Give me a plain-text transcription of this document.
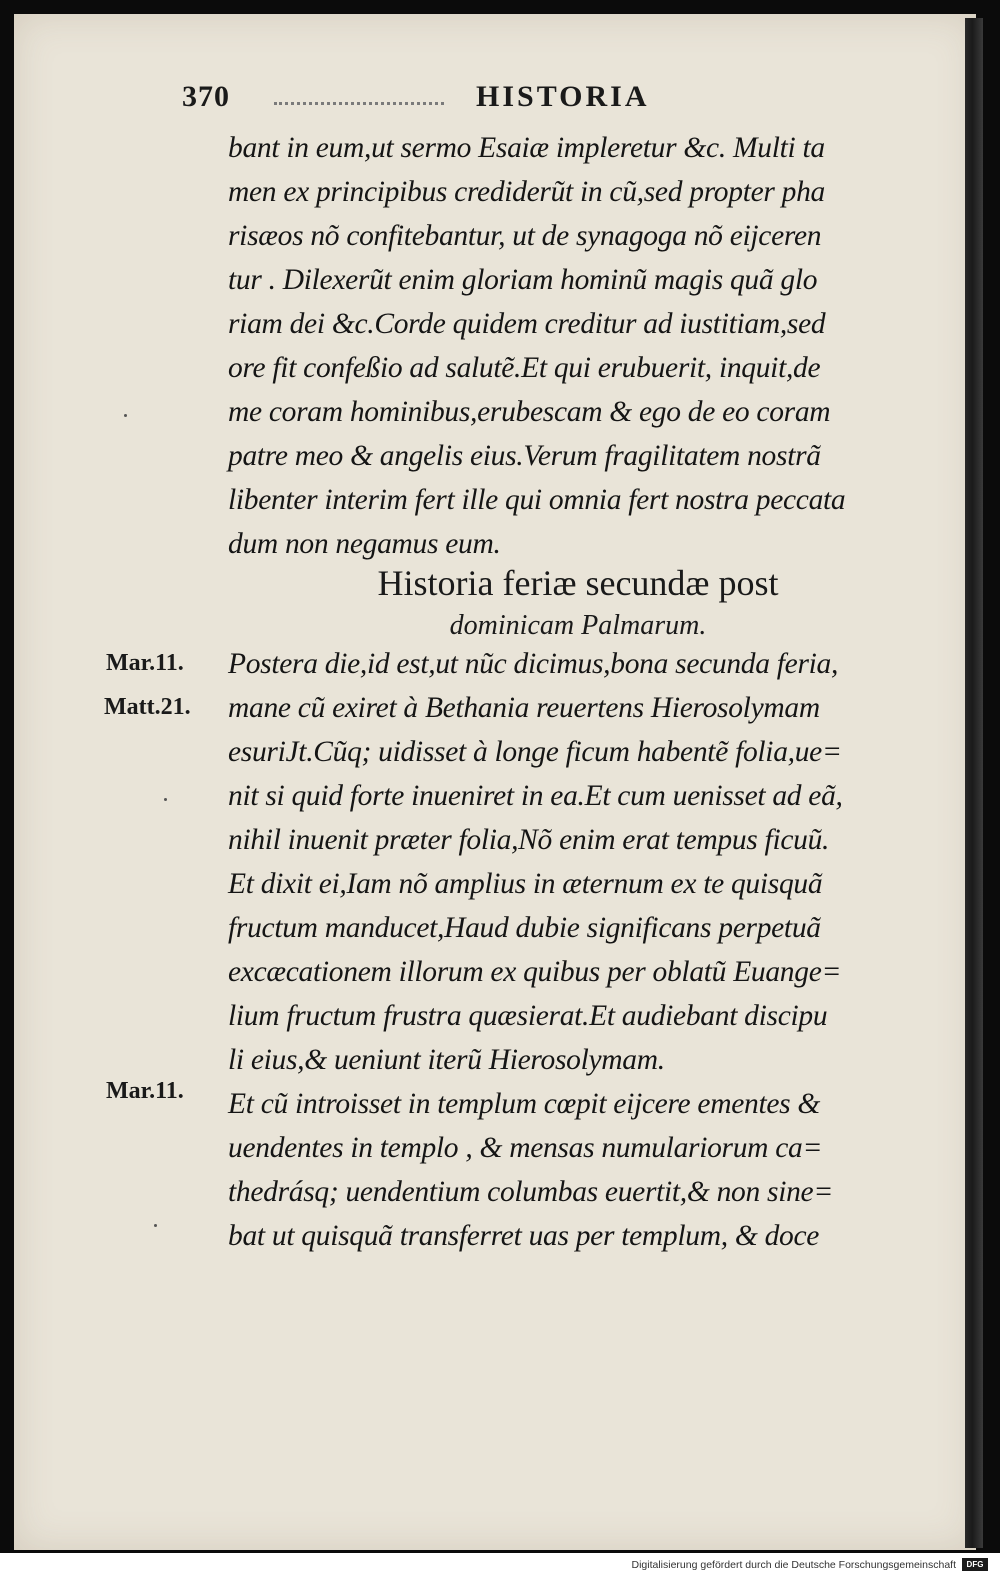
370	HISTORIA
Mar.11.
Matt.21.
Mar.11.
bant in eum,ut sermo Esaiæ impleretur &c. Multi ta
men ex principibus crediderũt in cũ,sed propter pha
risæos nõ confitebantur, ut de synagoga nõ eijceren
tur . Dilexerũt enim gloriam hominũ magis quã glo
riam dei &c.Corde quidem creditur ad iustitiam,sed
ore fit confeßio ad salutẽ.Et qui erubuerit, inquit,de
me coram hominibus,erubescam & ego de eo coram
patre meo & angelis eius.Verum fragilitatem nostrã
libenter interim fert ille qui omnia fert nostra peccata
dum non negamus eum.
Historia feriæ secundæ post
dominicam Palmarum.
Postera die,id est,ut nũc dicimus,bona secunda feria,
mane cũ exiret à Bethania reuertens Hierosolymam
esuriJt.Cũq; uidisset à longe ficum habentẽ folia,ue=
nit si quid forte inueniret in ea.Et cum uenisset ad eã,
nihil inuenit præter folia,Nõ enim erat tempus ficuũ.
Et dixit ei,Iam nõ amplius in æternum ex te quisquã
fructum manducet,Haud dubie significans perpetuã
excæcationem illorum ex quibus per oblatũ Euange=
lium fructum frustra quæsierat.Et audiebant discipu
li eius,& ueniunt iterũ Hierosolymam.
Et cũ introisset in templum cœpit eijcere ementes &
uendentes in templo , & mensas numulariorum ca=
thedrásq; uendentium columbas euertit,& non sine=
bat ut quisquã transferret uas per templum, & doce
Digitalisierung gefördert durch die Deutsche Forschungsgemeinschaft	DFG
